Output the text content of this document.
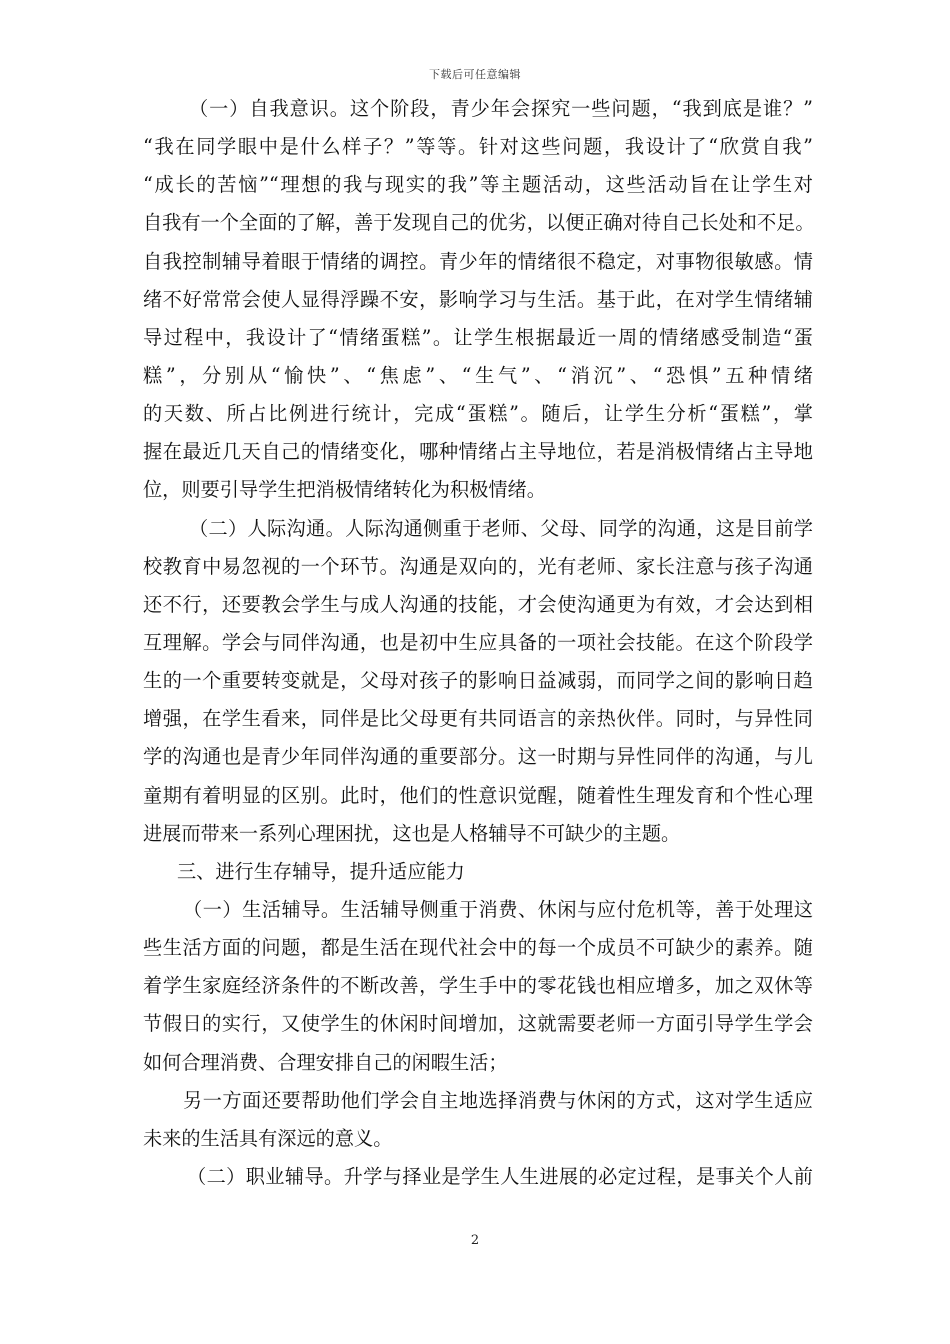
下载后可任意编辑
（一）自我意识。这个阶段，青少年会探究一些问题，“我到底是谁？”
“我在同学眼中是什么样子？”等等。针对这些问题，我设计了“欣赏自我”
“成长的苦恼”“理想的我与现实的我”等主题活动，这些活动旨在让学生对
自我有一个全面的了解，善于发现自己的优劣，以便正确对待自己长处和不足。
自我控制辅导着眼于情绪的调控。青少年的情绪很不稳定，对事物很敏感。情
绪不好常常会使人显得浮躁不安，影响学习与生活。基于此，在对学生情绪辅
导过程中，我设计了“情绪蛋糕”。让学生根据最近一周的情绪感受制造“蛋
糕”，分别从“愉快”、“焦虑”、“生气”、“消沉”、“恐惧”五种情绪
的天数、所占比例进行统计，完成“蛋糕”。随后，让学生分析“蛋糕”，掌
握在最近几天自己的情绪变化，哪种情绪占主导地位，若是消极情绪占主导地
位，则要引导学生把消极情绪转化为积极情绪。
（二）人际沟通。人际沟通侧重于老师、父母、同学的沟通，这是目前学
校教育中易忽视的一个环节。沟通是双向的，光有老师、家长注意与孩子沟通
还不行，还要教会学生与成人沟通的技能，才会使沟通更为有效，才会达到相
互理解。学会与同伴沟通，也是初中生应具备的一项社会技能。在这个阶段学
生的一个重要转变就是，父母对孩子的影响日益减弱，而同学之间的影响日趋
增强，在学生看来，同伴是比父母更有共同语言的亲热伙伴。同时，与异性同
学的沟通也是青少年同伴沟通的重要部分。这一时期与异性同伴的沟通，与儿
童期有着明显的区别。此时，他们的性意识觉醒，随着性生理发育和个性心理
进展而带来一系列心理困扰，这也是人格辅导不可缺少的主题。
三、进行生存辅导，提升适应能力
（一）生活辅导。生活辅导侧重于消费、休闲与应付危机等，善于处理这
些生活方面的问题，都是生活在现代社会中的每一个成员不可缺少的素养。随
着学生家庭经济条件的不断改善，学生手中的零花钱也相应增多，加之双休等
节假日的实行，又使学生的休闲时间增加，这就需要老师一方面引导学生学会
如何合理消费、合理安排自己的闲暇生活；
另一方面还要帮助他们学会自主地选择消费与休闲的方式，这对学生适应
未来的生活具有深远的意义。
（二）职业辅导。升学与择业是学生人生进展的必定过程，是事关个人前
2
